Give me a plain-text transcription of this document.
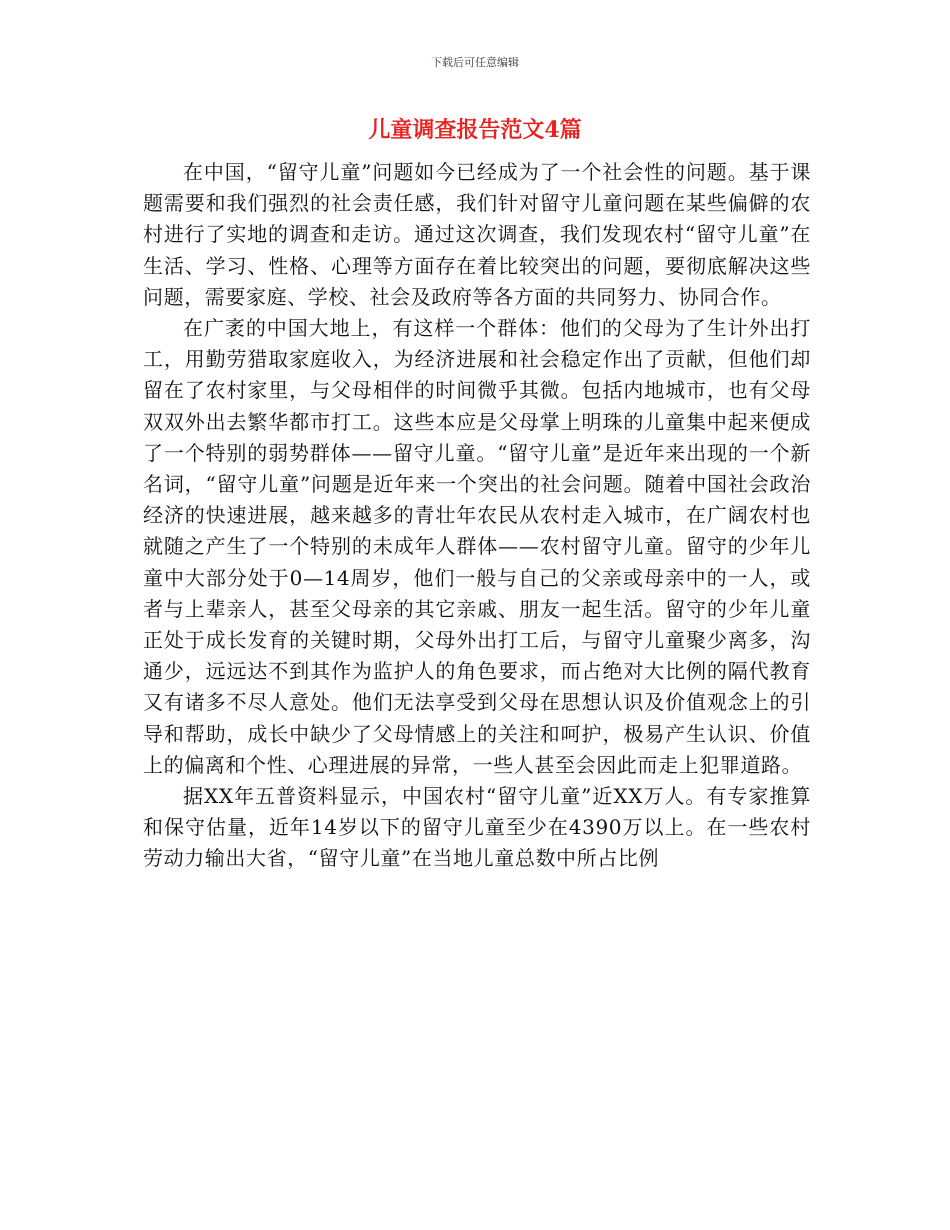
下载后可任意编辑
儿童调查报告范文4篇

在中国，“留守儿童”问题如今已经成为了一个社会性的问题。基于课题需要和我们强烈的社会责任感，我们针对留守儿童问题在某些偏僻的农村进行了实地的调查和走访。通过这次调查，我们发现农村“留守儿童”在生活、学习、性格、心理等方面存在着比较突出的问题，要彻底解决这些问题，需要家庭、学校、社会及政府等各方面的共同努力、协同合作。

在广袤的中国大地上，有这样一个群体：他们的父母为了生计外出打工，用勤劳猎取家庭收入，为经济进展和社会稳定作出了贡献，但他们却留在了农村家里，与父母相伴的时间微乎其微。包括内地城市，也有父母双双外出去繁华都市打工。这些本应是父母掌上明珠的儿童集中起来便成了一个特别的弱势群体——留守儿童。“留守儿童”是近年来出现的一个新名词，“留守儿童”问题是近年来一个突出的社会问题。随着中国社会政治经济的快速进展，越来越多的青壮年农民从农村走入城市，在广阔农村也就随之产生了一个特别的未成年人群体——农村留守儿童。留守的少年儿童中大部分处于0—14周岁，他们一般与自己的父亲或母亲中的一人，或者与上辈亲人，甚至父母亲的其它亲戚、朋友一起生活。留守的少年儿童正处于成长发育的关键时期，父母外出打工后，与留守儿童聚少离多，沟通少，远远达不到其作为监护人的角色要求，而占绝对大比例的隔代教育又有诸多不尽人意处。他们无法享受到父母在思想认识及价值观念上的引导和帮助，成长中缺少了父母情感上的关注和呵护，极易产生认识、价值上的偏离和个性、心理进展的异常，一些人甚至会因此而走上犯罪道路。

据XX年五普资料显示，中国农村“留守儿童”近XX万人。有专家推算和保守估量，近年14岁以下的留守儿童至少在4390万以上。在一些农村劳动力输出大省，“留守儿童”在当地儿童总数中所占比例
